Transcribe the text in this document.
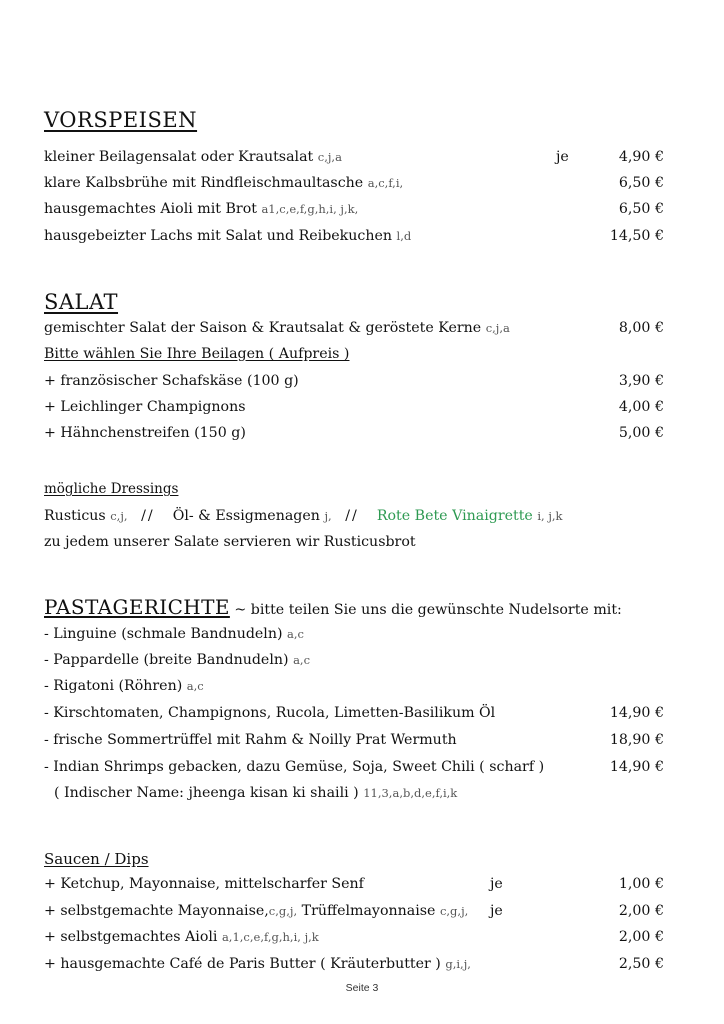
VORSPEISEN
kleiner Beilagensalat oder Krautsalat c,j,a	je	4,90 €
klare Kalbsbrühe mit Rindfleischmaultasche a,c,f,i,	6,50 €
hausgemachtes Aioli mit Brot a1,c,e,f,g,h,i, j,k,	6,50 €
hausgebeizter Lachs mit Salat und Reibekuchen l,d	14,50 €
SALAT
gemischter Salat der Saison & Krautsalat & geröstete Kerne c,j,a	8,00 €
Bitte wählen Sie Ihre Beilagen ( Aufpreis )
+ französischer Schafskäse (100 g)	3,90 €
+ Leichlinger Champignons	4,00 €
+ Hähnchenstreifen (150 g)	5,00 €
mögliche Dressings
Rusticus c,j, // Öl- & Essigmenagen j, // Rote Bete Vinaigrette i, j,k
zu jedem unserer Salate servieren wir Rusticusbrot
PASTAGERICHTE ~ bitte teilen Sie uns die gewünschte Nudelsorte mit:
- Linguine (schmale Bandnudeln) a,c
- Pappardelle (breite Bandnudeln) a,c
- Rigatoni (Röhren) a,c
- Kirschtomaten, Champignons, Rucola, Limetten-Basilikum Öl	14,90 €
- frische Sommertrüffel mit Rahm & Noilly Prat Wermuth	18,90 €
- Indian Shrimps gebacken, dazu Gemüse, Soja, Sweet Chili ( scharf )	14,90 €
( Indischer Name: jheenga kisan ki shaili ) 11,3,a,b,d,e,f,i,k
Saucen / Dips
+ Ketchup, Mayonnaise, mittelscharfer Senf	je	1,00 €
+ selbstgemachte Mayonnaise,c,g,j, Trüffelmayonnaise c,g,j, je	2,00 €
+ selbstgemachtes Aioli a,1,c,e,f,g,h,i, j,k	2,00 €
+ hausgemachte Café de Paris Butter ( Kräuterbutter ) g,i,j,	2,50 €
Seite 3
